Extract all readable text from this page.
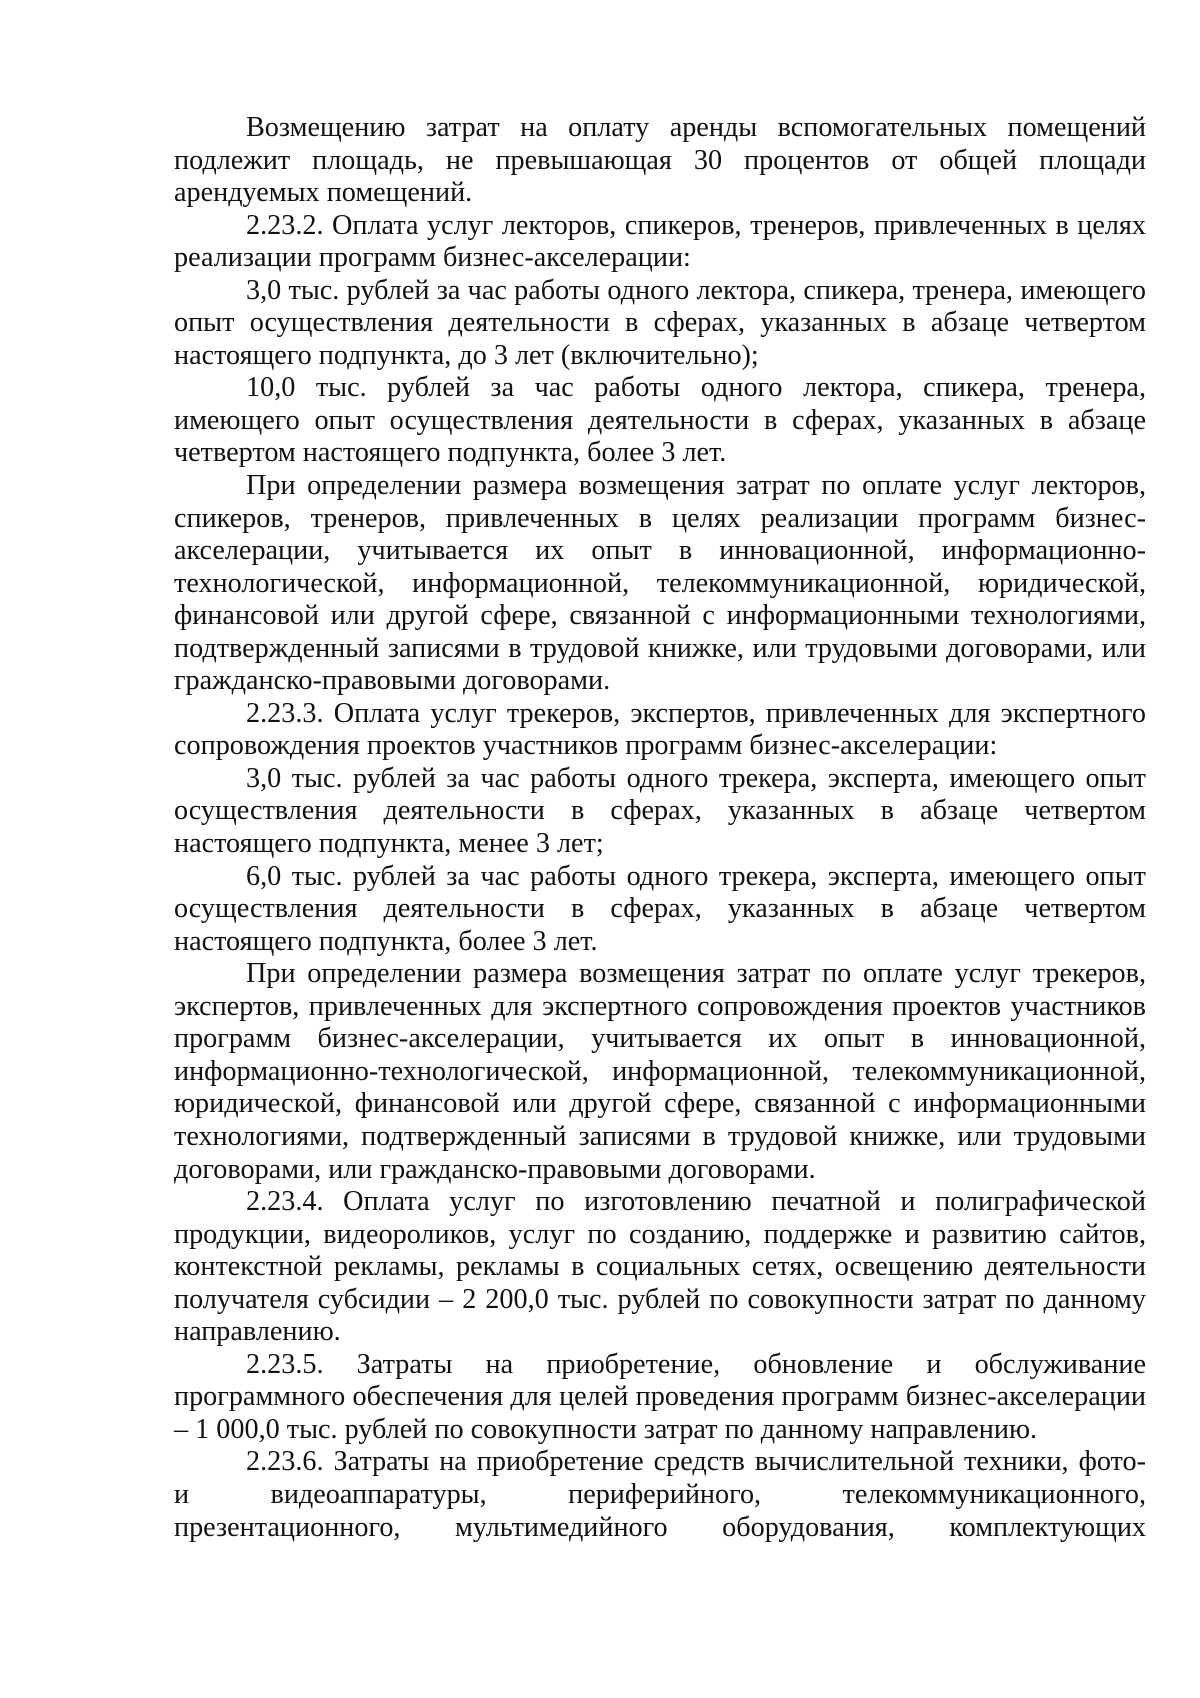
Возмещению затрат на оплату аренды вспомогательных помещений подлежит площадь, не превышающая 30 процентов от общей площади арендуемых помещений.

2.23.2. Оплата услуг лекторов, спикеров, тренеров, привлеченных в целях реализации программ бизнес-акселерации:

3,0 тыс. рублей за час работы одного лектора, спикера, тренера, имеющего опыт осуществления деятельности в сферах, указанных в абзаце четвертом настоящего подпункта, до 3 лет (включительно);

10,0 тыс. рублей за час работы одного лектора, спикера, тренера, имеющего опыт осуществления деятельности в сферах, указанных в абзаце четвертом настоящего подпункта, более 3 лет.

При определении размера возмещения затрат по оплате услуг лекторов, спикеров, тренеров, привлеченных в целях реализации программ бизнес-акселерации, учитывается их опыт в инновационной, информационно-технологической, информационной, телекоммуникационной, юридической, финансовой или другой сфере, связанной с информационными технологиями, подтвержденный записями в трудовой книжке, или трудовыми договорами, или гражданско-правовыми договорами.

2.23.3. Оплата услуг трекеров, экспертов, привлеченных для экспертного сопровождения проектов участников программ бизнес-акселерации:

3,0 тыс. рублей за час работы одного трекера, эксперта, имеющего опыт осуществления деятельности в сферах, указанных в абзаце четвертом настоящего подпункта, менее 3 лет;

6,0 тыс. рублей за час работы одного трекера, эксперта, имеющего опыт осуществления деятельности в сферах, указанных в абзаце четвертом настоящего подпункта, более 3 лет.

При определении размера возмещения затрат по оплате услуг трекеров, экспертов, привлеченных для экспертного сопровождения проектов участников программ бизнес-акселерации, учитывается их опыт в инновационной, информационно-технологической, информационной, телекоммуникационной, юридической, финансовой или другой сфере, связанной с информационными технологиями, подтвержденный записями в трудовой книжке, или трудовыми договорами, или гражданско-правовыми договорами.

2.23.4. Оплата услуг по изготовлению печатной и полиграфической продукции, видеороликов, услуг по созданию, поддержке и развитию сайтов, контекстной рекламы, рекламы в социальных сетях, освещению деятельности получателя субсидии – 2 200,0 тыс. рублей по совокупности затрат по данному направлению.

2.23.5. Затраты на приобретение, обновление и обслуживание программного обеспечения для целей проведения программ бизнес-акселерации – 1 000,0 тыс. рублей по совокупности затрат по данному направлению.

2.23.6. Затраты на приобретение средств вычислительной техники, фото- и видеоаппаратуры, периферийного, телекоммуникационного, презентационного, мультимедийного оборудования, комплектующих
